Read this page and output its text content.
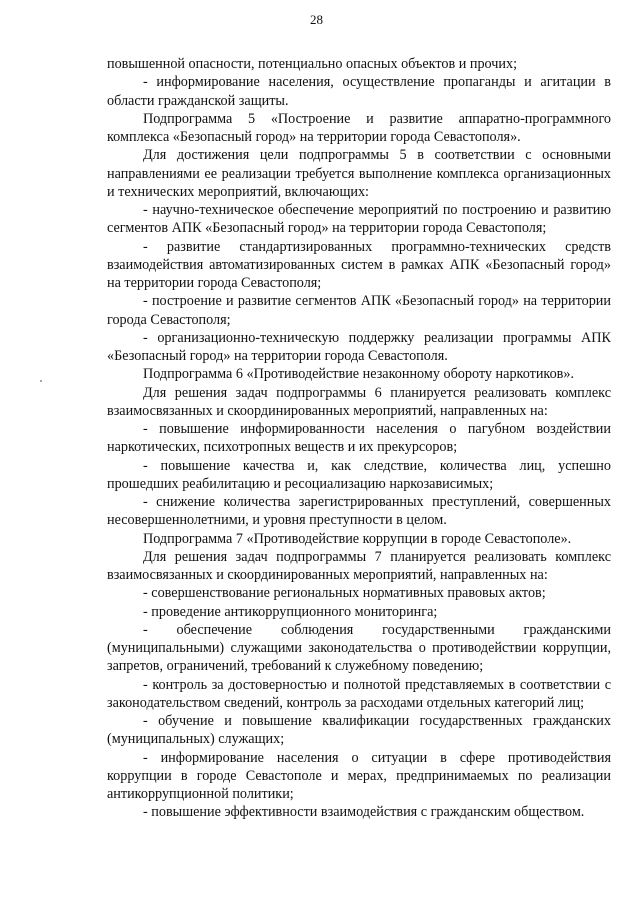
28

повышенной опасности, потенциально опасных объектов и прочих;

- информирование населения, осуществление пропаганды и агитации в области гражданской защиты.

Подпрограмма 5 «Построение и развитие аппаратно-программного комплекса «Безопасный город» на территории города Севастополя».

Для достижения цели подпрограммы 5 в соответствии с основными направлениями ее реализации требуется выполнение комплекса организационных и технических мероприятий, включающих:

- научно-техническое обеспечение мероприятий по построению и развитию сегментов АПК «Безопасный город» на территории города Севастополя;

- развитие стандартизированных программно-технических средств взаимодействия автоматизированных систем в рамках АПК «Безопасный город» на территории города Севастополя;

- построение и развитие сегментов АПК «Безопасный город» на территории города Севастополя;

- организационно-техническую поддержку реализации программы АПК «Безопасный город» на территории города Севастополя.

Подпрограмма 6 «Противодействие незаконному обороту наркотиков».

Для решения задач подпрограммы 6 планируется реализовать комплекс взаимосвязанных и скоординированных мероприятий, направленных на:

- повышение информированности населения о пагубном воздействии наркотических, психотропных веществ и их прекурсоров;

- повышение качества и, как следствие, количества лиц, успешно прошедших реабилитацию и ресоциализацию наркозависимых;

- снижение количества зарегистрированных преступлений, совершенных несовершеннолетними, и уровня преступности в целом.

Подпрограмма 7 «Противодействие коррупции в городе Севастополе».

Для решения задач подпрограммы 7 планируется реализовать комплекс взаимосвязанных и скоординированных мероприятий, направленных на:

- совершенствование региональных нормативных правовых актов;

- проведение антикоррупционного мониторинга;

- обеспечение соблюдения государственными гражданскими (муниципальными) служащими законодательства о противодействии коррупции, запретов, ограничений, требований к служебному поведению;

- контроль за достоверностью и полнотой представляемых в соответствии с законодательством сведений, контроль за расходами отдельных категорий лиц;

- обучение и повышение квалификации государственных гражданских (муниципальных) служащих;

- информирование населения о ситуации в сфере противодействия коррупции в городе Севастополе и мерах, предпринимаемых по реализации антикоррупционной политики;

- повышение эффективности взаимодействия с гражданским обществом.
